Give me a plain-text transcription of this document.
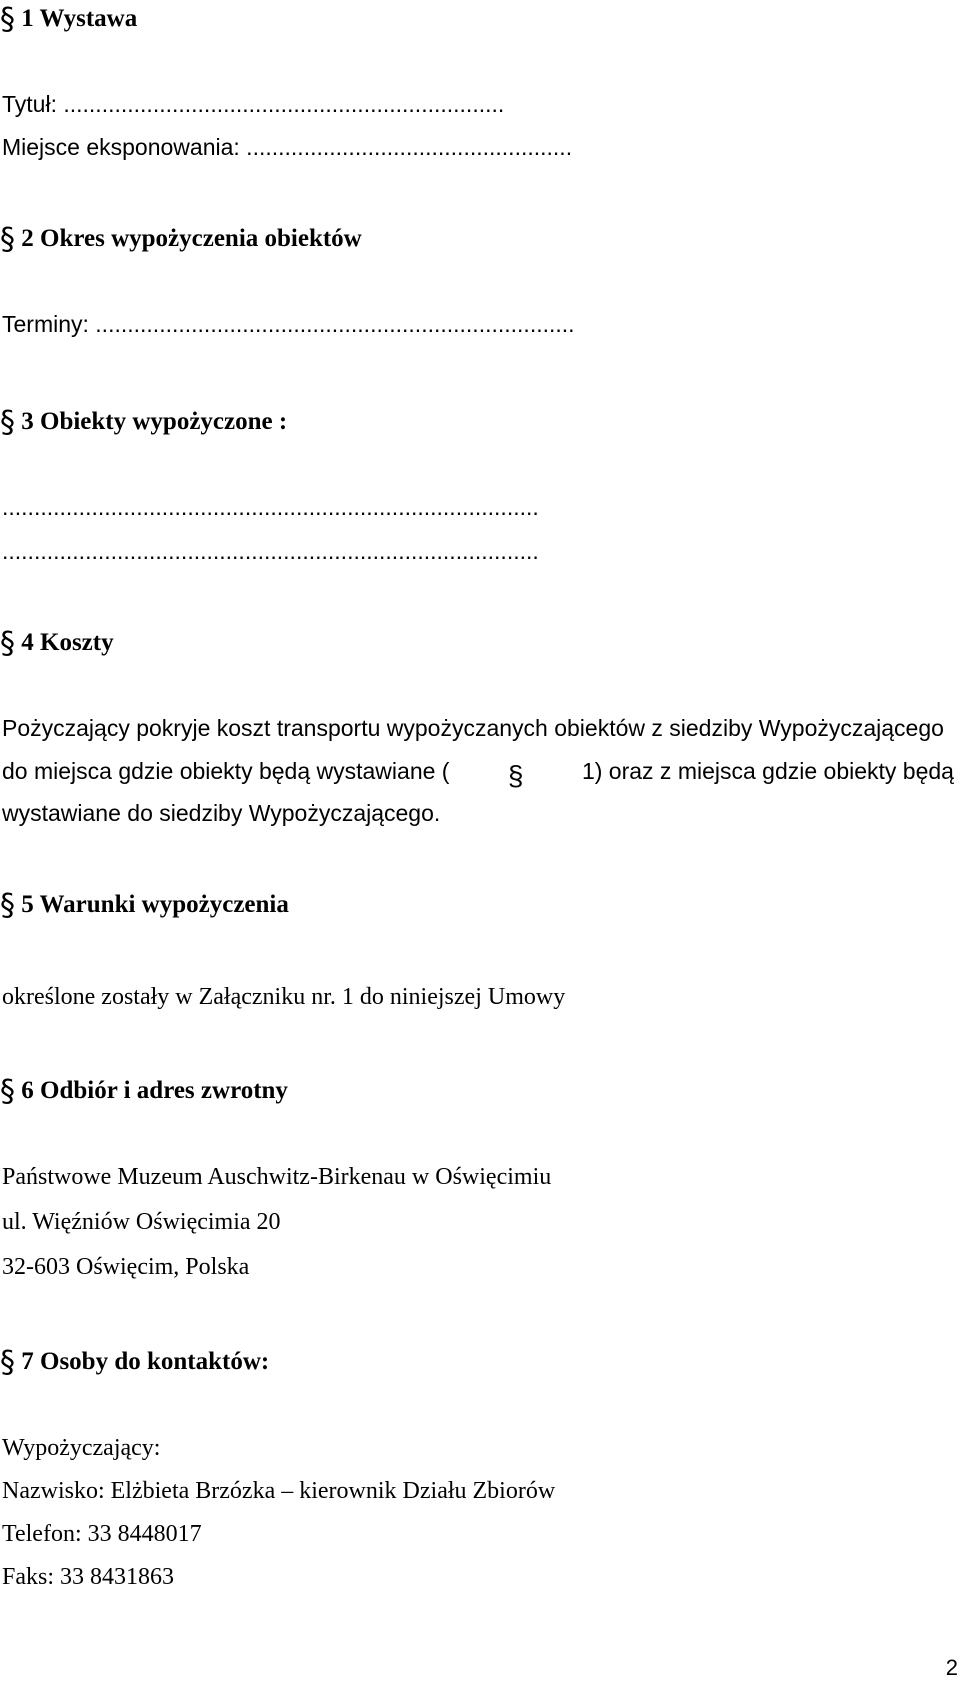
§ 1 Wystawa
Tytuł: .....................................................................
Miejsce eksponowania: ...................................................
§ 2 Okres wypożyczenia obiektów
Terminy: ...........................................................................
§ 3 Obiekty wypożyczone :
....................................................................................
....................................................................................
§ 4 Koszty
Pożyczający pokryje koszt transportu wypożyczanych obiektów z siedziby Wypożyczającego
do miejsca gdzie obiekty będą wystawiane ( §	1) oraz z miejsca gdzie obiekty będą
wystawiane do siedziby Wypożyczającego.
§ 5 Warunki wypożyczenia
określone zostały w Załączniku nr. 1 do niniejszej Umowy
§ 6 Odbiór i adres zwrotny
Państwowe Muzeum Auschwitz-Birkenau w Oświęcimiu
ul. Więźniów Oświęcimia 20
32-603 Oświęcim, Polska
§ 7 Osoby do kontaktów:
Wypożyczający:
Nazwisko: Elżbieta Brzózka – kierownik Działu Zbiorów
Telefon: 33 8448017
Faks: 33 8431863
2
